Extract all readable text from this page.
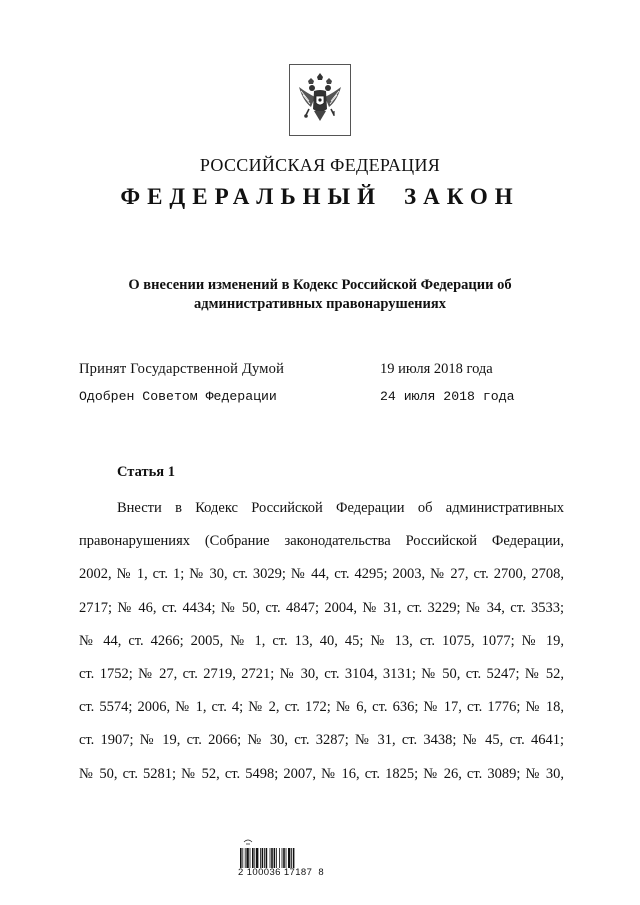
РОССИЙСКАЯ ФЕДЕРАЦИЯ
ФЕДЕРАЛЬНЫЙ ЗАКОН
О внесении изменений в Кодекс Российской Федерации об
административных правонарушениях
Принят Государственной Думой	19 июля 2018 года
Одобрен Советом Федерации	24 июля 2018 года
Статья 1
Внести в Кодекс Российской Федерации об административных
правонарушениях (Собрание законодательства Российской Федерации,
2002, № 1, ст. 1; № 30, ст. 3029; № 44, ст. 4295; 2003, № 27, ст. 2700, 2708,
2717; № 46, ст. 4434; № 50, ст. 4847; 2004, № 31, ст. 3229; № 34, ст. 3533;
№ 44, ст. 4266; 2005, № 1, ст. 13, 40, 45; № 13, ст. 1075, 1077; № 19,
ст. 1752; № 27, ст. 2719, 2721; № 30, ст. 3104, 3131; № 50, ст. 5247; № 52,
ст. 5574; 2006, № 1, ст. 4; № 2, ст. 172; № 6, ст. 636; № 17, ст. 1776; № 18,
ст. 1907; № 19, ст. 2066; № 30, ст. 3287; № 31, ст. 3438; № 45, ст. 4641;
№ 50, ст. 5281; № 52, ст. 5498; 2007, № 16, ст. 1825; № 26, ст. 3089; № 30,
2 100036 17187  8
